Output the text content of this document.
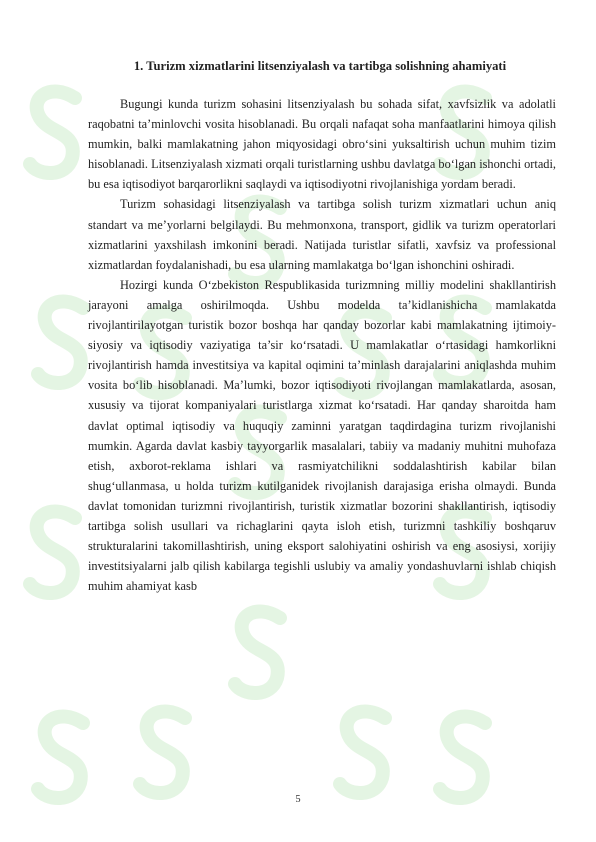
1. Turizm xizmatlarini litsenziyalash va tartibga solishning ahamiyati

Bugungi kunda turizm sohasini litsenziyalash bu sohada sifat, xavfsizlik va adolatli raqobatni ta’minlovchi vosita hisoblanadi. Bu orqali nafaqat soha manfaatlarini himoya qilish mumkin, balki mamlakatning jahon miqyosidagi obro‘sini yuksaltirish uchun muhim tizim hisoblanadi. Litsenziyalash xizmati orqali turistlarning ushbu davlatga bo‘lgan ishonchi ortadi, bu esa iqtisodiyot barqarorlikni saqlaydi va iqtisodiyotni rivojlanishiga yordam beradi.

Turizm sohasidagi litsenziyalash va tartibga solish turizm xizmatlari uchun aniq standart va me’yorlarni belgilaydi. Bu mehmonxona, transport, gidlik va turizm operatorlari xizmatlarini yaxshilash imkonini beradi. Natijada turistlar sifatli, xavfsiz va professional xizmatlardan foydalanishadi, bu esa ularning mamlakatga bo‘lgan ishonchini oshiradi.

Hozirgi kunda O‘zbekiston Respublikasida turizmning milliy modelini shakllantirish jarayoni amalga oshirilmoqda. Ushbu modelda ta’kidlanishicha mamlakatda rivojlantirilayotgan turistik bozor boshqa har qanday bozorlar kabi mamlakatning ijtimoiy-siyosiy va iqtisodiy vaziyatiga ta’sir ko‘rsatadi. U mamlakatlar o‘rtasidagi hamkorlikni rivojlantirish hamda investitsiya va kapital oqimini ta’minlash darajalarini aniqlashda muhim vosita bo‘lib hisoblanadi. Ma’lumki, bozor iqtisodiyoti rivojlangan mamlakatlarda, asosan, xususiy va tijorat kompaniyalari turistlarga xizmat ko‘rsatadi. Har qanday sharoitda ham davlat optimal iqtisodiy va huquqiy zaminni yaratgan taqdirdagina turizm rivojlanishi mumkin. Agarda davlat kasbiy tayyorgarlik masalalari, tabiiy va madaniy muhitni muhofaza etish, axborot-reklama ishlari va rasmiyatchilikni soddalashtirish kabilar bilan shug‘ullanmasa, u holda turizm kutilganidek rivojlanish darajasiga erisha olmaydi. Bunda davlat tomonidan turizmni rivojlantirish, turistik xizmatlar bozorini shakllantirish, iqtisodiy tartibga solish usullari va richaglarini qayta isloh etish, turizmni tashkiliy boshqaruv strukturalarini takomillashtirish, uning eksport salohiyatini oshirish va eng asosiysi, xorijiy investitsiyalarni jalb qilish kabilarga tegishli uslubiy va amaliy yondashuvlarni ishlab chiqish muhim ahamiyat kasb

5
